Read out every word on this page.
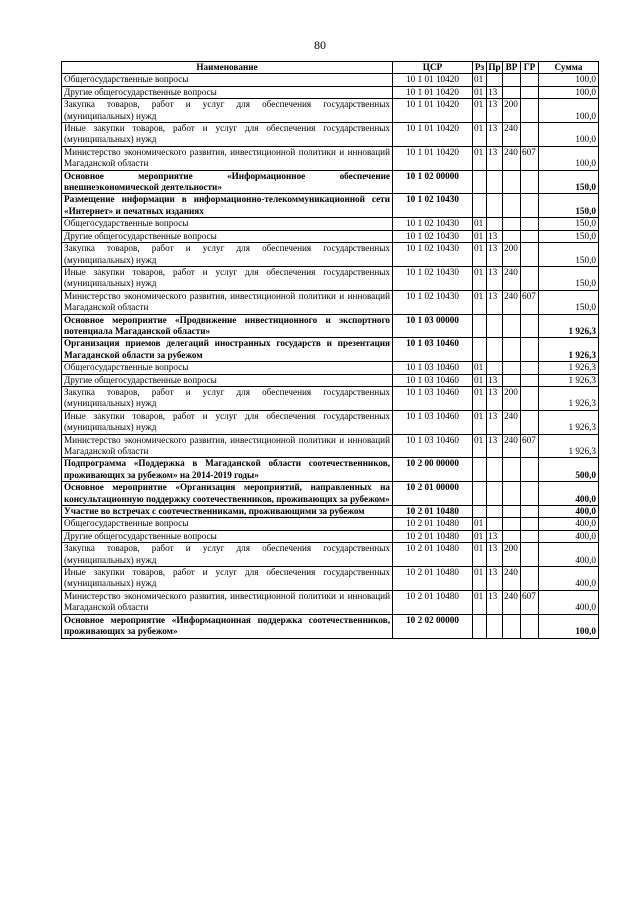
80
Наименование	ЦСР	Рз	Пр	ВР	ГР	Сумма
Общегосударственные вопросы	10 1 01 10420	01				100,0
Другие общегосударственные вопросы	10 1 01 10420	01	13			100,0
Закупка товаров, работ и услуг для обеспечения государственных (муниципальных) нужд	10 1 01 10420	01	13	200		100,0
Иные закупки товаров, работ и услуг для обеспечения государственных (муниципальных) нужд	10 1 01 10420	01	13	240		100,0
Министерство экономического развития, инвестиционной политики и инноваций Магаданской области	10 1 01 10420	01	13	240	607	100,0
Основное мероприятие «Информационное обеспечение внешнеэкономической деятельности»	10 1 02 00000					150,0
Размещение информации в информационно-телекоммуникационной сети «Интернет» и печатных изданиях	10 1 02 10430					150,0
Общегосударственные вопросы	10 1 02 10430	01				150,0
Другие общегосударственные вопросы	10 1 02 10430	01	13			150,0
Закупка товаров, работ и услуг для обеспечения государственных (муниципальных) нужд	10 1 02 10430	01	13	200		150,0
Иные закупки товаров, работ и услуг для обеспечения государственных (муниципальных) нужд	10 1 02 10430	01	13	240		150,0
Министерство экономического развития, инвестиционной политики и инноваций Магаданской области	10 1 02 10430	01	13	240	607	150,0
Основное мероприятие «Продвижение инвестиционного и экспортного потенциала Магаданской области»	10 1 03 00000					1 926,3
Организация приемов делегаций иностранных государств и презентация Магаданской области за рубежом	10 1 03 10460					1 926,3
Общегосударственные вопросы	10 1 03 10460	01				1 926,3
Другие общегосударственные вопросы	10 1 03 10460	01	13			1 926,3
Закупка товаров, работ и услуг для обеспечения государственных (муниципальных) нужд	10 1 03 10460	01	13	200		1 926,3
Иные закупки товаров, работ и услуг для обеспечения государственных (муниципальных) нужд	10 1 03 10460	01	13	240		1 926,3
Министерство экономического развития, инвестиционной политики и инноваций Магаданской области	10 1 03 10460	01	13	240	607	1 926,3
Подпрограмма «Поддержка в Магаданской области соотечественников, проживающих за рубежом» на 2014-2019 годы»	10 2 00 00000					500,0
Основное мероприятие «Организация мероприятий, направленных на консультационную поддержку соотечественников, проживающих за рубежом»	10 2 01 00000					400,0
Участие во встречах с соотечественниками, проживающими за рубежом	10 2 01 10480					400,0
Общегосударственные вопросы	10 2 01 10480	01				400,0
Другие общегосударственные вопросы	10 2 01 10480	01	13			400,0
Закупка товаров, работ и услуг для обеспечения государственных (муниципальных) нужд	10 2 01 10480	01	13	200		400,0
Иные закупки товаров, работ и услуг для обеспечения государственных (муниципальных) нужд	10 2 01 10480	01	13	240		400,0
Министерство экономического развития, инвестиционной политики и инноваций Магаданской области	10 2 01 10480	01	13	240	607	400,0
Основное мероприятие «Информационная поддержка соотечественников, проживающих за рубежом»	10 2 02 00000					100,0
